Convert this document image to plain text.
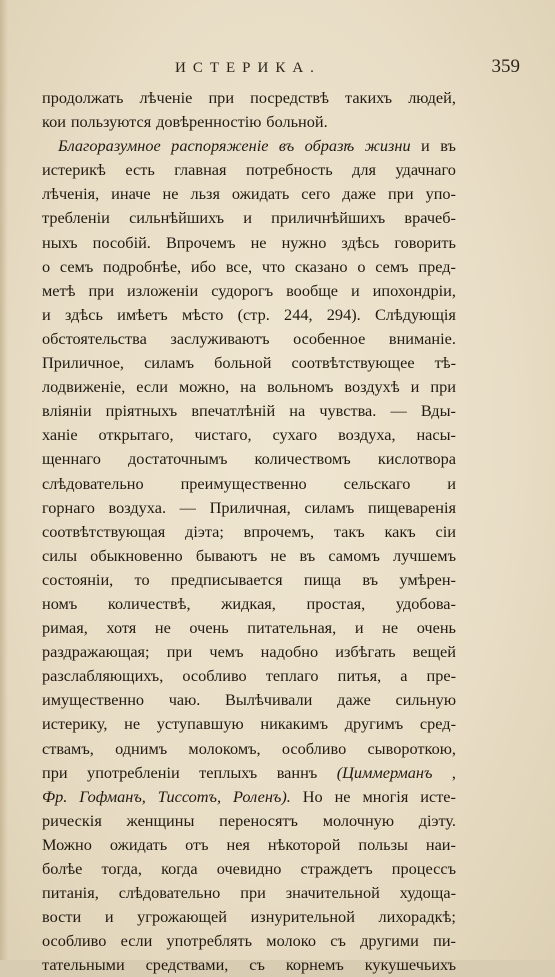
ИСТЕРИКА.	359
продолжать лѣченіе при посредствѣ такихъ людей,
кои пользуются довѣренностію больной.
Благоразумное распоряженіе въ образѣ жизни и въ
истерикѣ есть главная потребность для удачнаго
лѣченія, иначе не льзя ожидать сего даже при упо-
требленіи сильнѣйшихъ и приличнѣйшихъ врачеб-
ныхъ пособій. Впрочемъ не нужно здѣсь говорить
о семъ подробнѣе, ибо все, что сказано о семъ пред-
метѣ при изложеніи судорогъ вообще и ипохондріи,
и здѣсь имѣетъ мѣсто (стр. 244, 294). Слѣдующія
обстоятельства заслуживаютъ особенное вниманіе.
Приличное, силамъ больной соотвѣтствующее тѣ-
лодвиженіе, если можно, на вольномъ воздухѣ и при
вліяніи пріятныхъ впечатлѣній на чувства. — Вды-
ханіе открытаго, чистаго, сухаго воздуха, насы-
щеннаго достаточнымъ количествомъ кислотвора
слѣдовательно преимущественно сельскаго и
горнаго воздуха. — Приличная, силамъ пищеваренія
соотвѣтствующая діэта; впрочемъ, такъ какъ сіи
силы обыкновенно бываютъ не въ самомъ лучшемъ
состояніи, то предписывается пища въ умѣрен-
номъ количествѣ, жидкая, простая, удобова-
римая, хотя не очень питательная, и не очень
раздражающая; при чемъ надобно избѣгать вещей
разслабляющихъ, особливо теплаго питья, а пре-
имущественно чаю. Вылѣчивали даже сильную
истерику, не уступавшую никакимъ другимъ сред-
ствамъ, однимъ молокомъ, особливо сывороткою,
при употребленіи теплыхъ ваннъ (Циммерманъ ,
Фр. Гофманъ, Тиссотъ, Роленъ). Но не многія истe-
рическія женщины переносятъ молочную діэту.
Можно ожидать отъ нея нѣкоторой пользы наи-
болѣе тогда, когда очевидно страждетъ процессъ
питанія, слѣдовательно при значительной худоща-
вости и угрожающей изнурительной лихорадкѣ;
особливо если употреблять молоко съ другими пи-
тательными средствами, съ корнемъ кукушечьихъ
